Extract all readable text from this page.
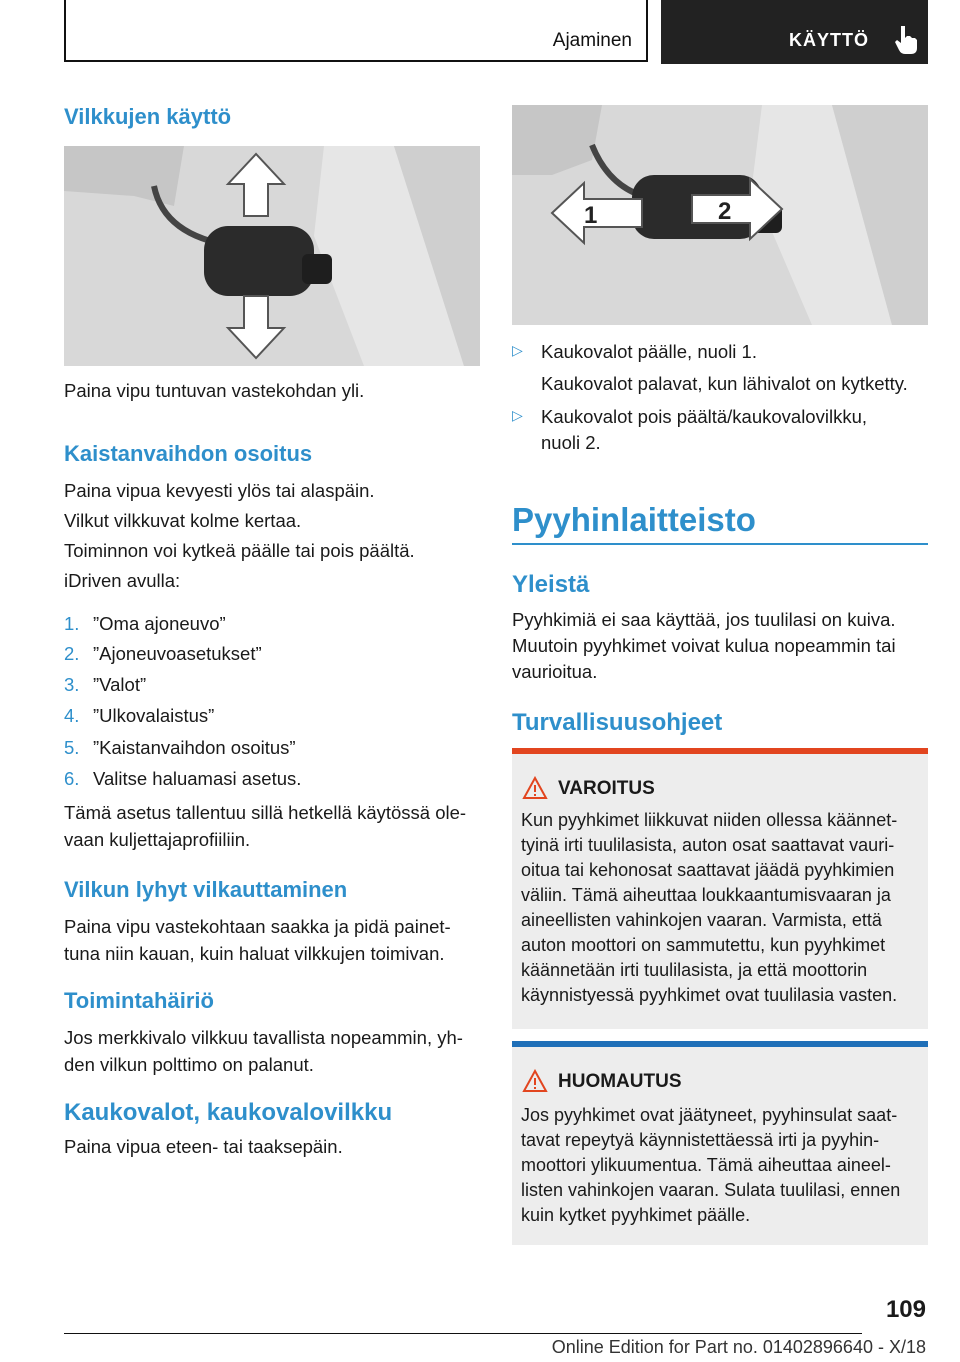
Ajaminen	KÄYTTÖ
Vilkkujen käyttö

Paina vipu tuntuvan vastekohdan yli.

Kaistanvaihdon osoitus

Paina vipua kevyesti ylös tai alaspäin.

Vilkut vilkkuvat kolme kertaa.

Toiminnon voi kytkeä päälle tai pois päältä.

iDriven avulla:

1. ”Oma ajoneuvo”
2. ”Ajoneuvoasetukset”
3. ”Valot”
4. ”Ulkovalaistus”
5. ”Kaistanvaihdon osoitus”
6. Valitse haluamasi asetus.

Tämä asetus tallentuu sillä hetkellä käytössä ole-

vaan kuljettajaprofiiliin.

Vilkun lyhyt vilkauttaminen

Paina vipu vastekohtaan saakka ja pidä painet-

tuna niin kauan, kuin haluat vilkkujen toimivan.

Toimintahäiriö

Jos merkkivalo vilkkuu tavallista nopeammin, yh-

den vilkun polttimo on palanut.

Kaukovalot, kaukovalovilkku

Paina vipua eteen- tai taaksepäin.

1	2
▷ Kaukovalot päälle, nuoli 1.

Kaukovalot palavat, kun lähivalot on kytketty.

▷ Kaukovalot pois päältä/kaukovalovilkku,

nuoli 2.

Pyyhinlaitteisto
Yleistä

Pyyhkimiä ei saa käyttää, jos tuulilasi on kuiva.

Muutoin pyyhkimet voivat kulua nopeammin tai

vaurioitua.

Turvallisuusohjeet
VAROITUS
Kun pyyhkimet liikkuvat niiden ollessa käännet-
tyinä irti tuulilasista, auton osat saattavat vauri-
oitua tai kehonosat saattavat jäädä pyyhkimien
väliin. Tämä aiheuttaa loukkaantumisvaaran ja
aineellisten vahinkojen vaaran. Varmista, että
auton moottori on sammutettu, kun pyyhkimet
käännetään irti tuulilasista, ja että moottorin
käynnistyessä pyyhkimet ovat tuulilasia vasten.
HUOMAUTUS
Jos pyyhkimet ovat jäätyneet, pyyhinsulat saat-
tavat repeytyä käynnistettäessä irti ja pyyhin-
moottori ylikuumentua. Tämä aiheuttaa aineel-
listen vahinkojen vaaran. Sulata tuulilasi, ennen
kuin kytket pyyhkimet päälle.
109
Online Edition for Part no. 01402896640 - X/18
